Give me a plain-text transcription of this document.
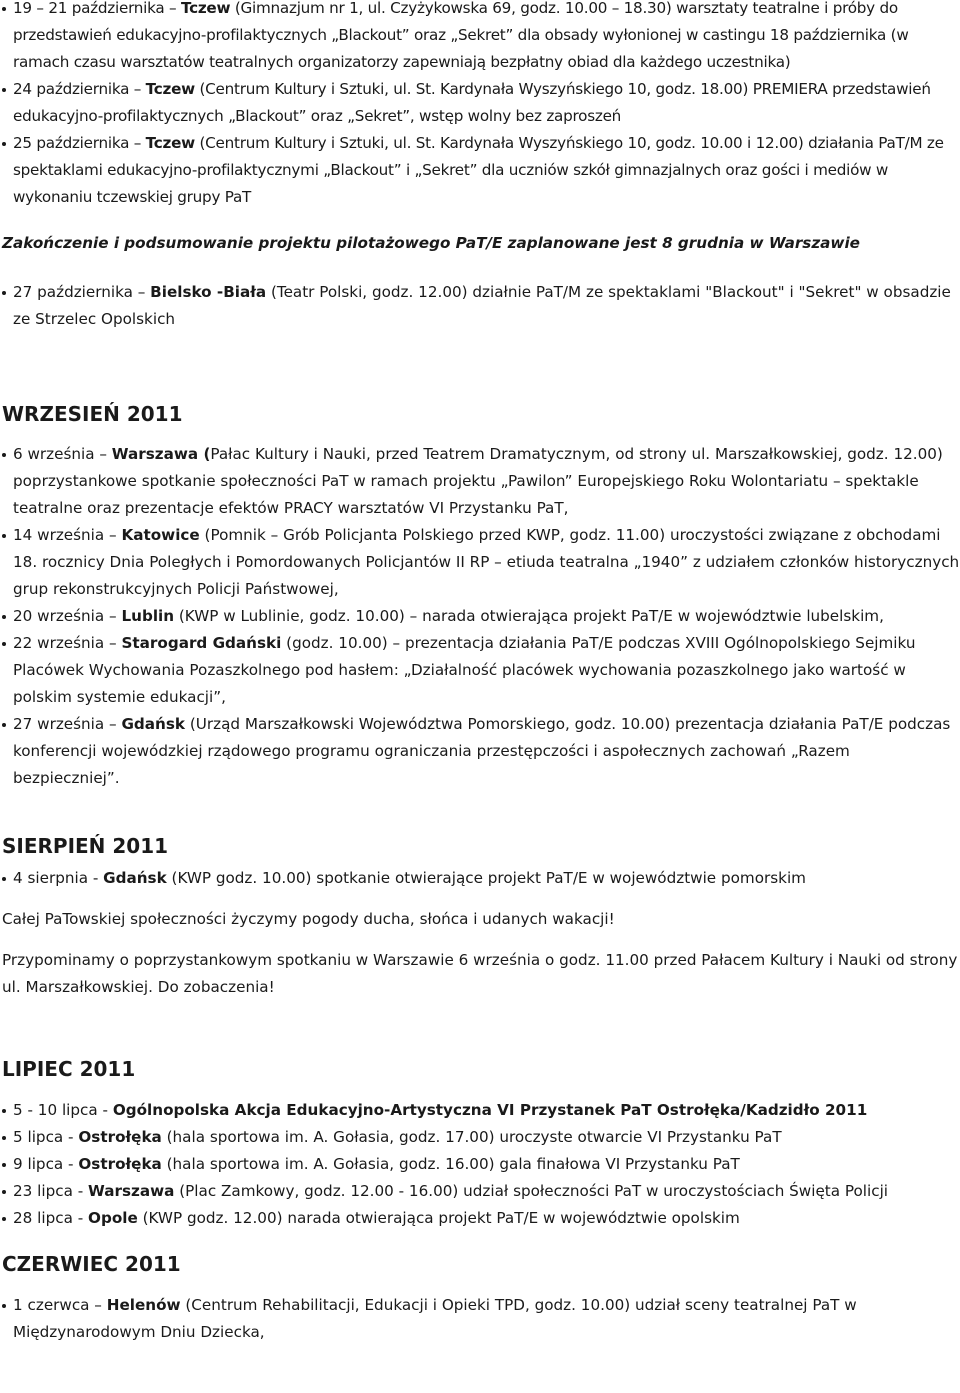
19 – 21 października – Tczew (Gimnazjum nr 1, ul. Czyżykowska 69, godz. 10.00 – 18.30) warsztaty teatralne i próby do przedstawień edukacyjno-profilaktycznych „Blackout” oraz „Sekret” dla obsady wyłonionej w castingu 18 października (w ramach czasu warsztatów teatralnych organizatorzy zapewniają bezpłatny obiad dla każdego uczestnika)
24 października – Tczew (Centrum Kultury i Sztuki, ul. St. Kardynała Wyszyńskiego 10, godz. 18.00) PREMIERA przedstawień edukacyjno-profilaktycznych „Blackout” oraz „Sekret”, wstęp wolny bez zaproszeń
25 października – Tczew (Centrum Kultury i Sztuki, ul. St. Kardynała Wyszyńskiego 10, godz. 10.00 i 12.00) działania PaT/M ze spektaklami edukacyjno-profilaktycznymi „Blackout” i „Sekret” dla uczniów szkół gimnazjalnych oraz gości i mediów w wykonaniu tczewskiej grupy PaT

Zakończenie i podsumowanie projektu pilotażowego PaT/E zaplanowane jest 8 grudnia w Warszawie

27 października – Bielsko -Biała (Teatr Polski, godz. 12.00) działnie PaT/M ze spektaklami "Blackout" i "Sekret" w obsadzie ze Strzelec Opolskich
WRZESIEŃ 2011
6 września – Warszawa (Pałac Kultury i Nauki, przed Teatrem Dramatycznym, od strony ul. Marszałkowskiej, godz. 12.00) poprzystankowe spotkanie społeczności PaT w ramach projektu „Pawilon” Europejskiego Roku Wolontariatu – spektakle teatralne oraz prezentacje efektów PRACY warsztatów VI Przystanku PaT,
14 września – Katowice (Pomnik – Grób Policjanta Polskiego przed KWP, godz. 11.00) uroczystości związane z obchodami 18. rocznicy Dnia Poległych i Pomordowanych Policjantów II RP – etiuda teatralna „1940” z udziałem członków historycznych grup rekonstrukcyjnych Policji Państwowej,
20 września – Lublin (KWP w Lublinie, godz. 10.00) – narada otwierająca projekt PaT/E w województwie lubelskim,
22 września – Starogard Gdański (godz. 10.00) – prezentacja działania PaT/E podczas XVIII Ogólnopolskiego Sejmiku Placówek Wychowania Pozaszkolnego pod hasłem: „Działalność placówek wychowania pozaszkolnego jako wartość w polskim systemie edukacji”,
27 września – Gdańsk (Urząd Marszałkowski Województwa Pomorskiego, godz. 10.00) prezentacja działania PaT/E podczas konferencji wojewódzkiej rządowego programu ograniczania przestępczości i aspołecznych zachowań „Razem bezpieczniej”.
SIERPIEŃ 2011
4 sierpnia - Gdańsk (KWP godz. 10.00) spotkanie otwierające projekt PaT/E w województwie pomorskim

Całej PaTowskiej społeczności życzymy pogody ducha, słońca i udanych wakacji!

Przypominamy o poprzystankowym spotkaniu w Warszawie 6 września o godz. 11.00 przed Pałacem Kultury i Nauki od strony ul. Marszałkowskiej. Do zobaczenia!

LIPIEC 2011
5 - 10 lipca - Ogólnopolska Akcja Edukacyjno-Artystyczna VI Przystanek PaT Ostrołęka/Kadzidło 2011
5 lipca - Ostrołęka (hala sportowa im. A. Gołasia, godz. 17.00) uroczyste otwarcie VI Przystanku PaT
9 lipca - Ostrołęka (hala sportowa im. A. Gołasia, godz. 16.00) gala finałowa VI Przystanku PaT
23 lipca - Warszawa (Plac Zamkowy, godz. 12.00 - 16.00) udział społeczności PaT w uroczystościach Święta Policji
28 lipca - Opole (KWP godz. 12.00) narada otwierająca projekt PaT/E w województwie opolskim
CZERWIEC 2011
1 czerwca – Helenów (Centrum Rehabilitacji, Edukacji i Opieki TPD, godz. 10.00) udział sceny teatralnej PaT w Międzynarodowym Dniu Dziecka,
